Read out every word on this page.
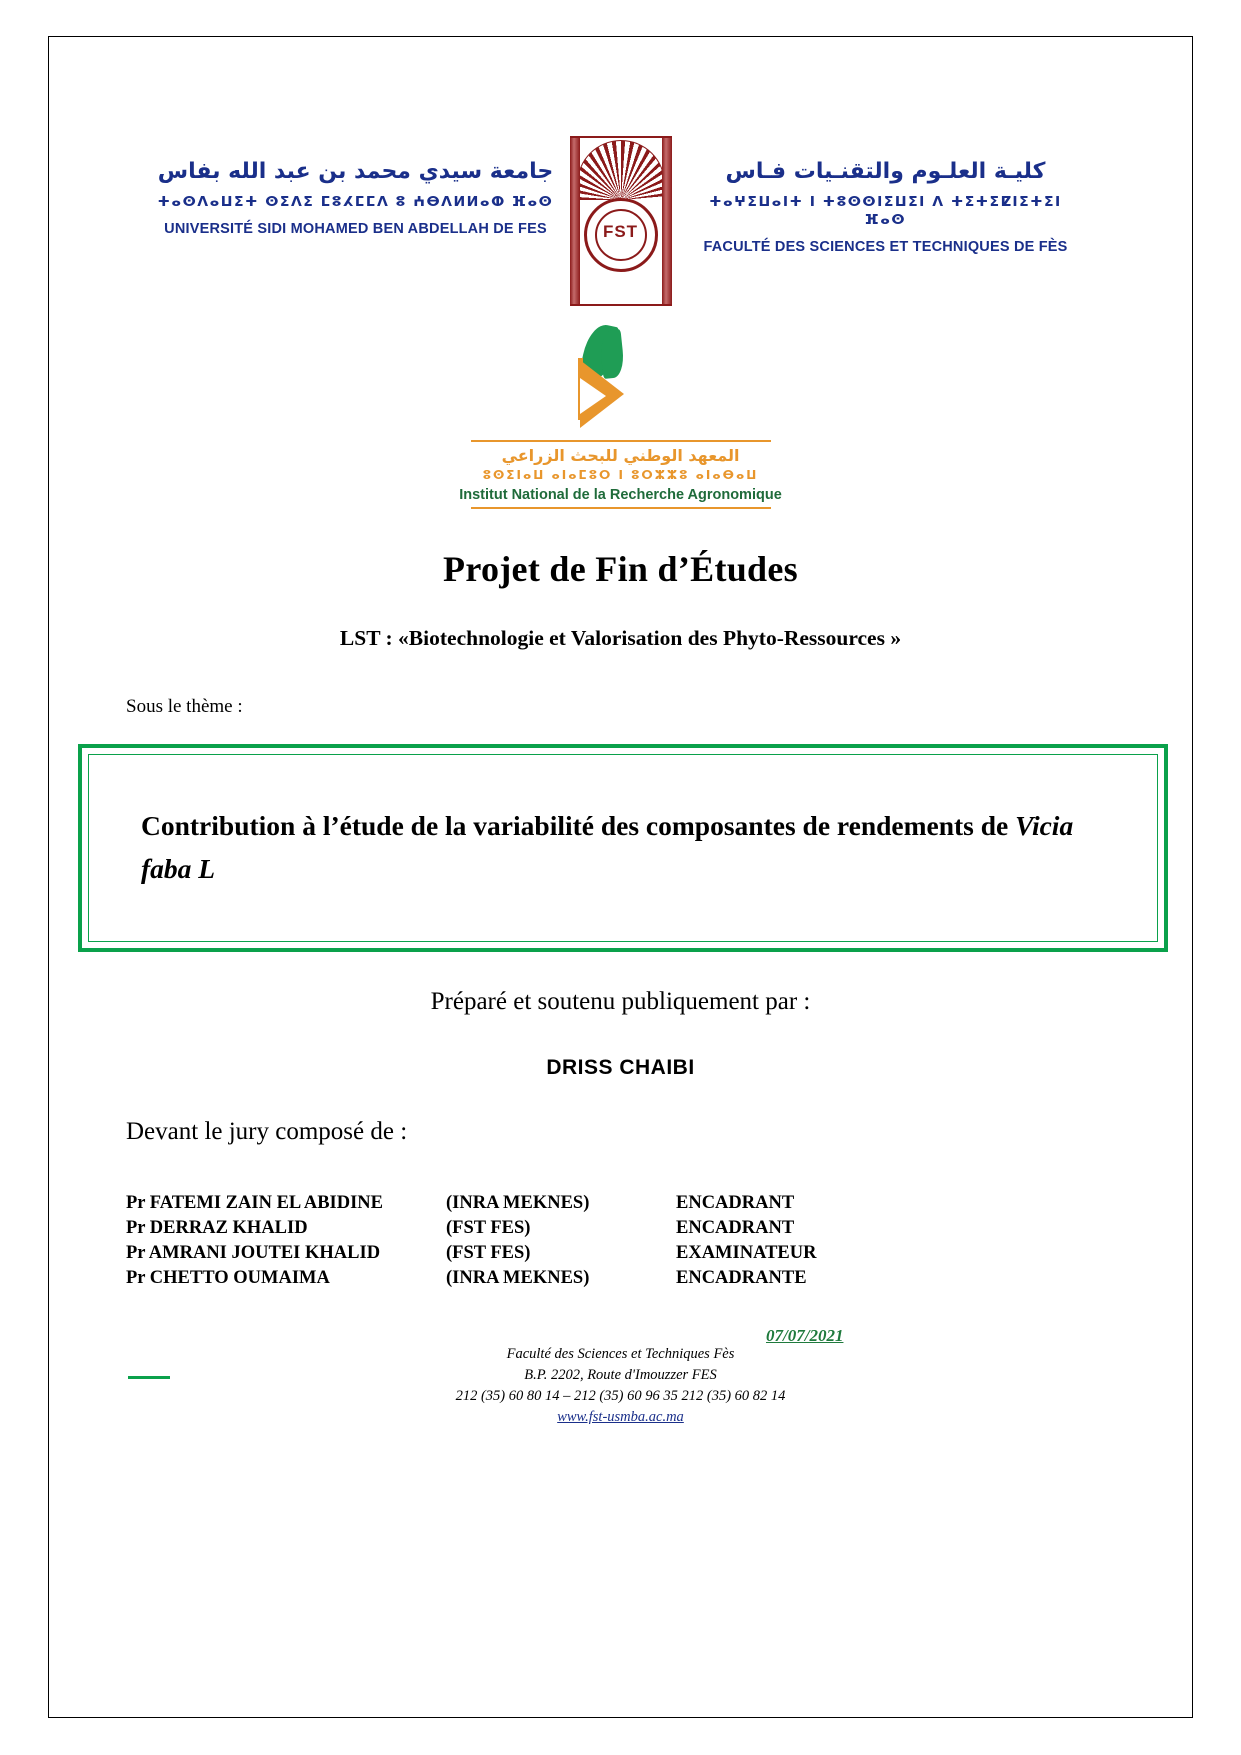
جامعة سيدي محمد بن عبد الله بفاس
ⵜⴰⵙⴷⴰⵡⵉⵜ ⵙⵉⴷⵉ ⵎⵓⵃⵎⵎⴷ ⵓ ⵄⴱⴷⵍⵍⴰⵀ ⴼⴰⵙ
UNIVERSITÉ SIDI MOHAMED BEN ABDELLAH DE FES	FST
كليـة العلـوم والتقنـيات فـاس
ⵜⴰⵖⵉⵡⴰⵏⵜ ⵏ ⵜⵓⵙⵙⵏⵉⵡⵉⵏ ⴷ ⵜⵉⵜⵉⵇⵏⵉⵜⵉⵏ ⴼⴰⵙ
FACULTÉ DES SCIENCES ET TECHNIQUES DE FÈS
المعهد الوطني للبحث الزراعي
ⵓⵙⵉⵏⴰⵡ ⴰⵏⴰⵎⵓⵔ ⵏ ⵓⵔⵣⵣⵓ ⴰⵏⴰⴱⴰⵡ
Institut National de la Recherche Agronomique
Projet de Fin d’Études
LST : «Biotechnologie et Valorisation des Phyto-Ressources »
Sous le thème :
Contribution à l’étude de la variabilité des composantes de rendements de Vicia faba L
Préparé et soutenu publiquement par :
DRISS CHAIBI
Devant le jury composé de :
Pr FATEMI ZAIN EL ABIDINE	(INRA MEKNES)	ENCADRANT
Pr DERRAZ KHALID	(FST FES)	ENCADRANT
Pr AMRANI JOUTEI KHALID	(FST FES)	EXAMINATEUR
Pr CHETTO OUMAIMA	(INRA MEKNES)	ENCADRANTE
07/07/2021
Faculté des Sciences et Techniques Fès
B.P. 2202, Route d'Imouzzer FES
212 (35) 60 80 14 – 212 (35) 60 96 35 212 (35) 60 82 14
www.fst-usmba.ac.ma
